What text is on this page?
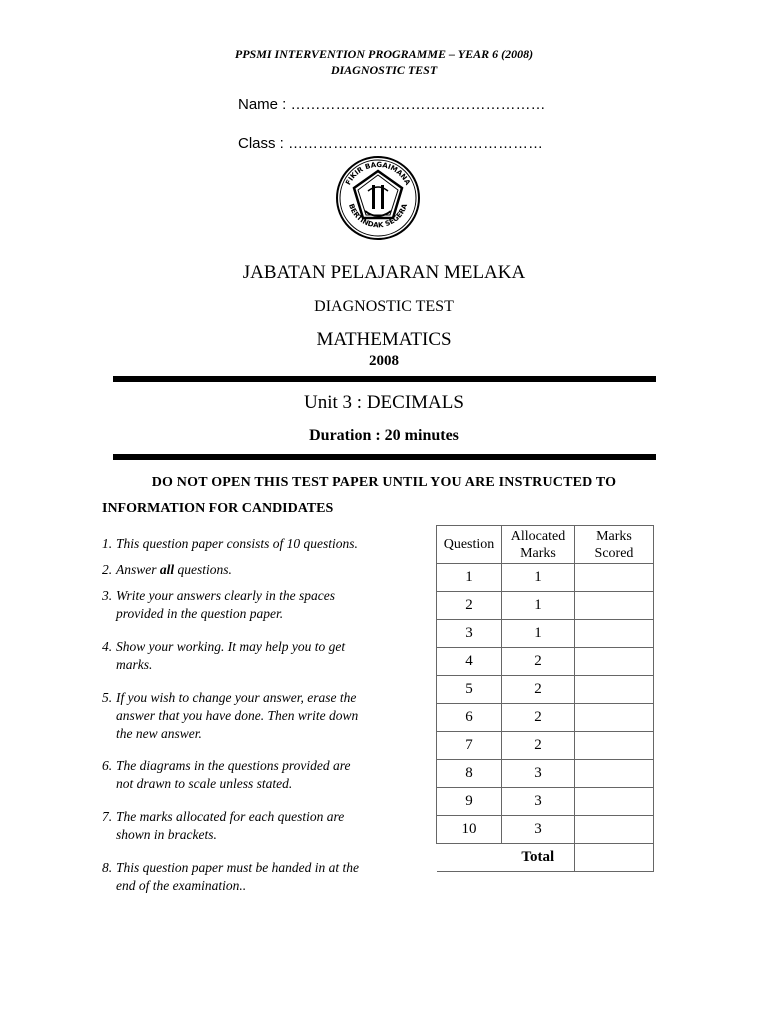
PPSMI INTERVENTION PROGRAMME – YEAR 6 (2008)
DIAGNOSTIC TEST
Name : ……………………………………………
Class : ……………………………………………
FIKIR BAGAIMANA
BERTINDAK SEGERA
JABATAN PELAJARAN MELAKA
DIAGNOSTIC TEST
MATHEMATICS
2008
Unit 3 : DECIMALS
Duration : 20 minutes
DO NOT OPEN THIS TEST PAPER UNTIL YOU ARE INSTRUCTED TO
INFORMATION FOR CANDIDATES
1. This question paper consists of 10 questions.
2. Answer all questions.
3. Write your answers clearly in the spaces
provided in the question paper.
4. Show your working. It may help you to get
marks.
5. If you wish to change your answer, erase the
answer that you have done. Then write down
the new answer.
6. The diagrams in the questions provided are
not drawn to scale unless stated.
7. The marks allocated for each question are
shown in brackets.
8. This question paper must be handed in at the
end of the examination..
Question	Allocated Marks	Marks Scored
1	1	
2	1	
3	1	
4	2	
5	2	
6	2	
7	2	
8	3	
9	3	
10	3	
	Total	
